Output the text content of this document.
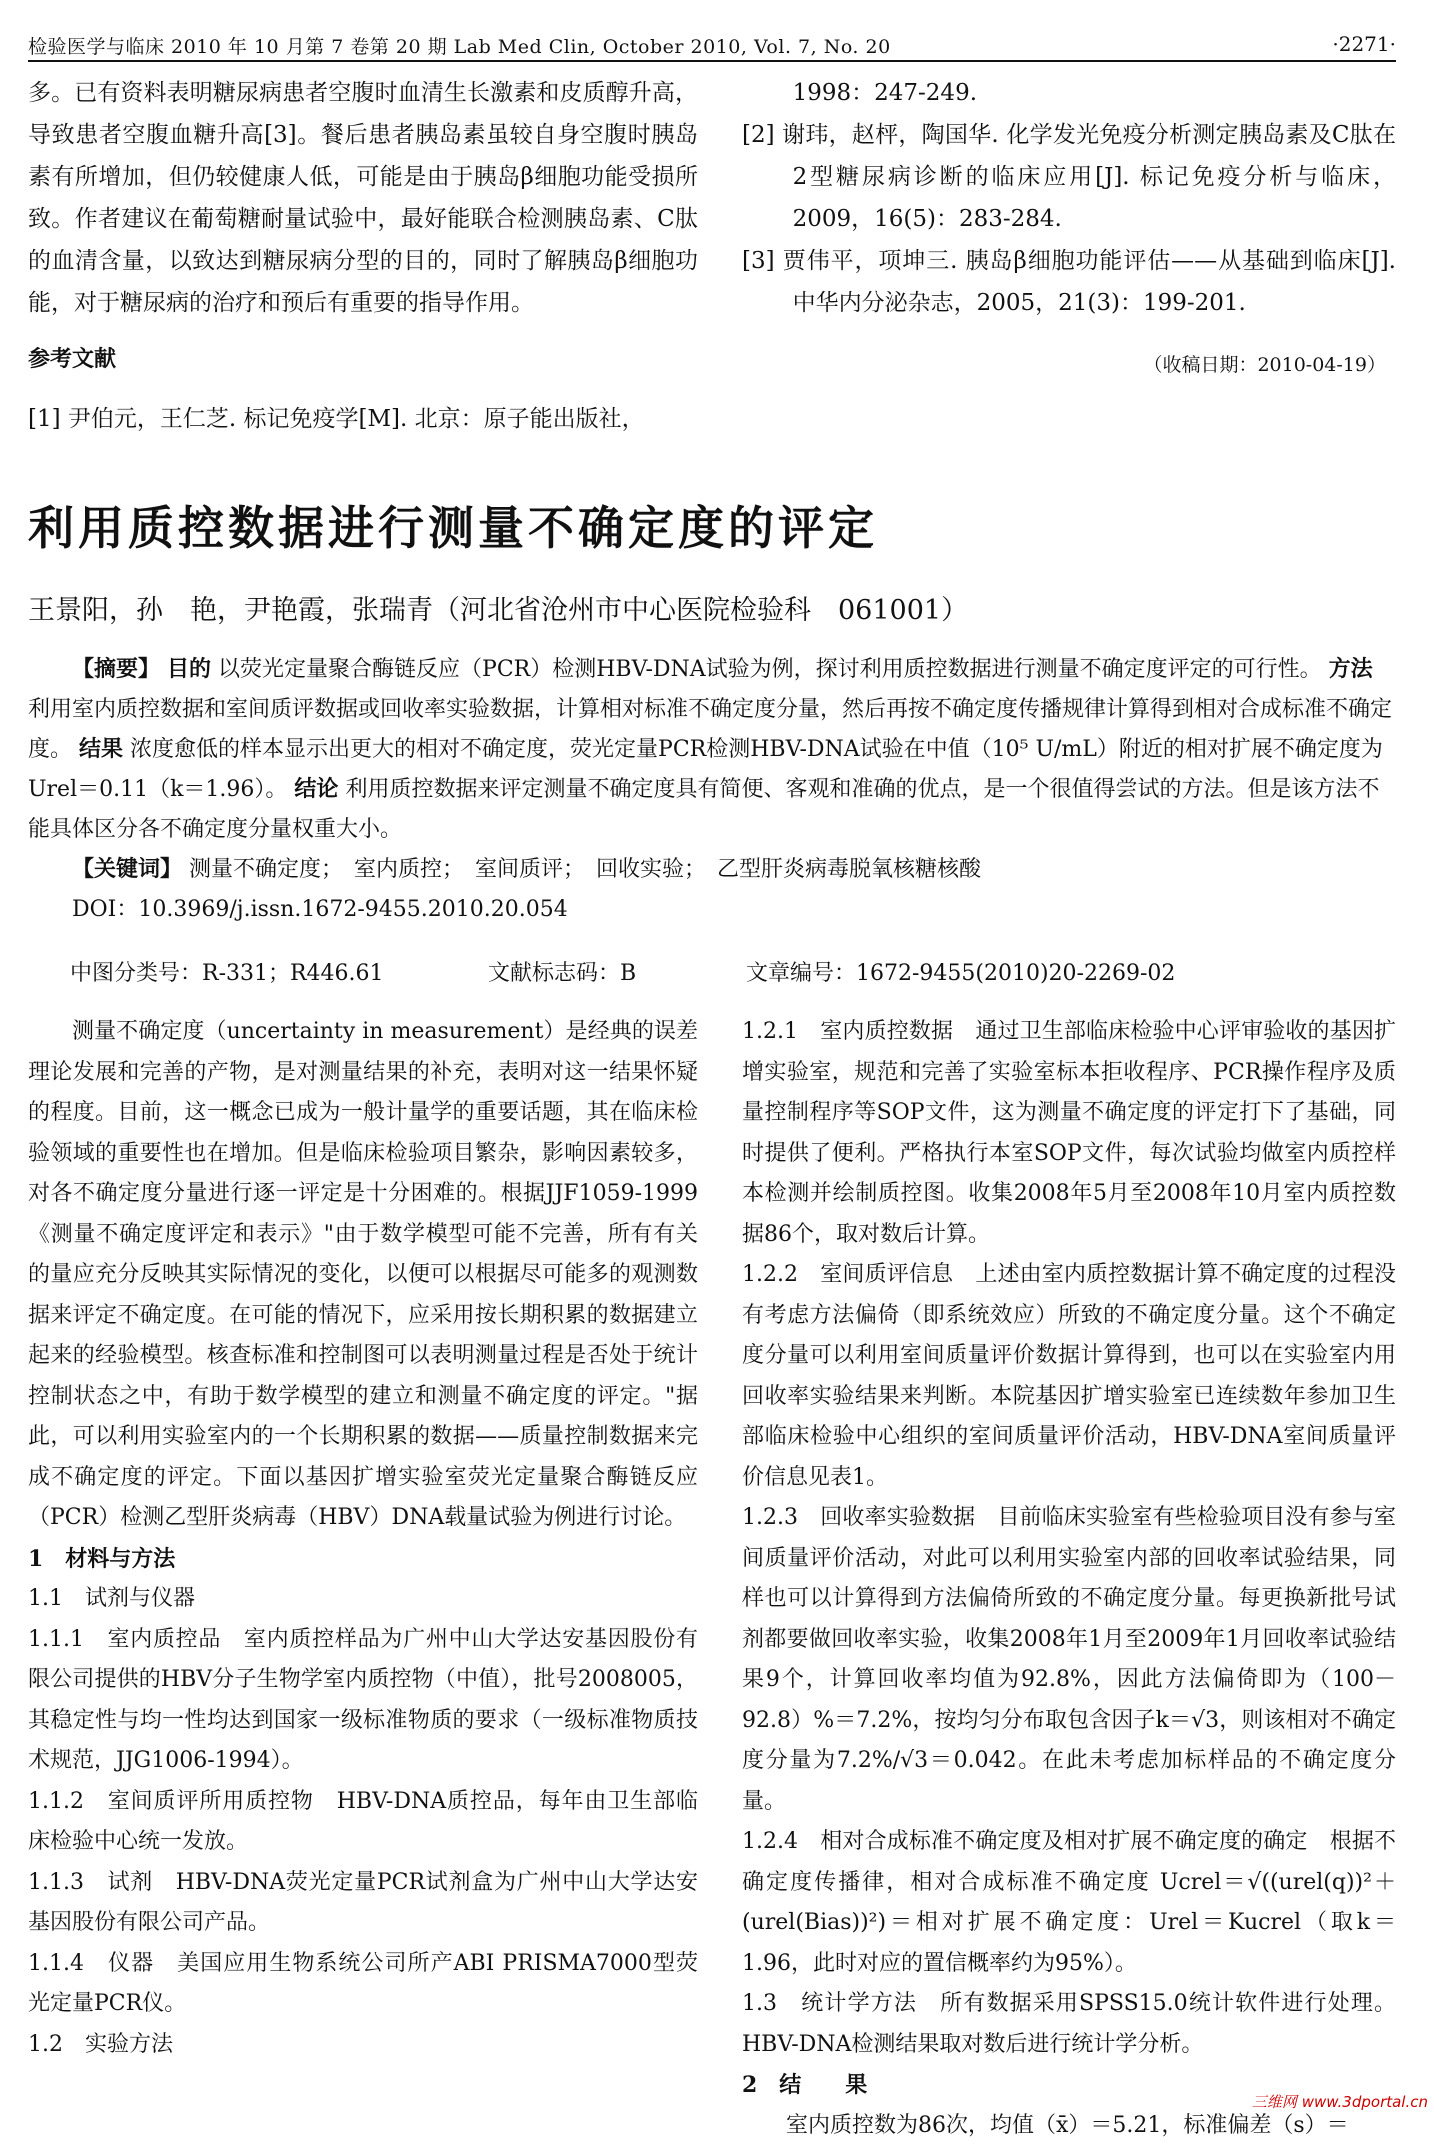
检验医学与临床 2010 年 10 月第 7 卷第 20 期 Lab Med Clin, October 2010, Vol. 7, No. 20	·2271·

多。已有资料表明糖尿病患者空腹时血清生长激素和皮质醇升高，导致患者空腹血糖升高[3]。餐后患者胰岛素虽较自身空腹时胰岛素有所增加，但仍较健康人低，可能是由于胰岛β细胞功能受损所致。作者建议在葡萄糖耐量试验中，最好能联合检测胰岛素、C肽的血清含量，以致达到糖尿病分型的目的，同时了解胰岛β细胞功能，对于糖尿病的治疗和预后有重要的指导作用。

参考文献

[1] 尹伯元，王仁芝. 标记免疫学[M]. 北京：原子能出版社，

1998：247-249.

[2] 谢玮，赵枰，陶国华. 化学发光免疫分析测定胰岛素及C肽在2型糖尿病诊断的临床应用[J]. 标记免疫分析与临床，2009，16(5)：283-284.

[3] 贾伟平，项坤三. 胰岛β细胞功能评估——从基础到临床[J]. 中华内分泌杂志，2005，21(3)：199-201.

（收稿日期：2010-04-19）
利用质控数据进行测量不确定度的评定
王景阳，孙　艳，尹艳霞，张瑞青（河北省沧州市中心医院检验科　061001）

【摘要】 目的 以荧光定量聚合酶链反应（PCR）检测HBV-DNA试验为例，探讨利用质控数据进行测量不确定度评定的可行性。 方法 利用室内质控数据和室间质评数据或回收率实验数据，计算相对标准不确定度分量，然后再按不确定度传播规律计算得到相对合成标准不确定度。 结果 浓度愈低的样本显示出更大的相对不确定度，荧光定量PCR检测HBV-DNA试验在中值（10⁵ U/mL）附近的相对扩展不确定度为 Urel＝0.11（k＝1.96）。 结论 利用质控数据来评定测量不确定度具有简便、客观和准确的优点，是一个很值得尝试的方法。但是该方法不能具体区分各不确定度分量权重大小。

【关键词】 测量不确定度；　室内质控；　室间质评；　回收实验；　乙型肝炎病毒脱氧核糖核酸

DOI：10.3969/j.issn.1672-9455.2010.20.054

中图分类号：R-331；R446.61	文献标志码：B	文章编号：1672-9455(2010)20-2269-02

测量不确定度（uncertainty in measurement）是经典的误差理论发展和完善的产物，是对测量结果的补充，表明对这一结果怀疑的程度。目前，这一概念已成为一般计量学的重要话题，其在临床检验领域的重要性也在增加。但是临床检验项目繁杂，影响因素较多，对各不确定度分量进行逐一评定是十分困难的。根据JJF1059-1999《测量不确定度评定和表示》"由于数学模型可能不完善，所有有关的量应充分反映其实际情况的变化，以便可以根据尽可能多的观测数据来评定不确定度。在可能的情况下，应采用按长期积累的数据建立起来的经验模型。核查标准和控制图可以表明测量过程是否处于统计控制状态之中，有助于数学模型的建立和测量不确定度的评定。"据此，可以利用实验室内的一个长期积累的数据——质量控制数据来完成不确定度的评定。下面以基因扩增实验室荧光定量聚合酶链反应（PCR）检测乙型肝炎病毒（HBV）DNA载量试验为例进行讨论。

1　材料与方法

1.1　试剂与仪器

1.1.1　室内质控品　室内质控样品为广州中山大学达安基因股份有限公司提供的HBV分子生物学室内质控物（中值），批号2008005，其稳定性与均一性均达到国家一级标准物质的要求（一级标准物质技术规范，JJG1006-1994）。

1.1.2　室间质评所用质控物　HBV-DNA质控品，每年由卫生部临床检验中心统一发放。

1.1.3　试剂　HBV-DNA荧光定量PCR试剂盒为广州中山大学达安基因股份有限公司产品。

1.1.4　仪器　美国应用生物系统公司所产ABI PRISMA7000型荧光定量PCR仪。

1.2　实验方法

1.2.1　室内质控数据　通过卫生部临床检验中心评审验收的基因扩增实验室，规范和完善了实验室标本拒收程序、PCR操作程序及质量控制程序等SOP文件，这为测量不确定度的评定打下了基础，同时提供了便利。严格执行本室SOP文件，每次试验均做室内质控样本检测并绘制质控图。收集2008年5月至2008年10月室内质控数据86个，取对数后计算。

1.2.2　室间质评信息　上述由室内质控数据计算不确定度的过程没有考虑方法偏倚（即系统效应）所致的不确定度分量。这个不确定度分量可以利用室间质量评价数据计算得到，也可以在实验室内用回收率实验结果来判断。本院基因扩增实验室已连续数年参加卫生部临床检验中心组织的室间质量评价活动，HBV-DNA室间质量评价信息见表1。

1.2.3　回收率实验数据　目前临床实验室有些检验项目没有参与室间质量评价活动，对此可以利用实验室内部的回收率试验结果，同样也可以计算得到方法偏倚所致的不确定度分量。每更换新批号试剂都要做回收率实验，收集2008年1月至2009年1月回收率试验结果9个，计算回收率均值为92.8%，因此方法偏倚即为（100－92.8）%＝7.2%，按均匀分布取包含因子k＝√3，则该相对不确定度分量为7.2%/√3＝0.042。在此未考虑加标样品的不确定度分量。

1.2.4　相对合成标准不确定度及相对扩展不确定度的确定　根据不确定度传播律，相对合成标准不确定度 Ucrel＝√((urel(q))²＋(urel(Bias))²)＝相对扩展不确定度：Urel＝Kucrel（取k＝1.96，此时对应的置信概率约为95%）。

1.3　统计学方法　所有数据采用SPSS15.0统计软件进行处理。HBV-DNA检测结果取对数后进行统计学分析。

2　结　　果

室内质控数为86次，均值（x̄）＝5.21，标准偏差（s）＝

三维网 www.3dportal.cn
